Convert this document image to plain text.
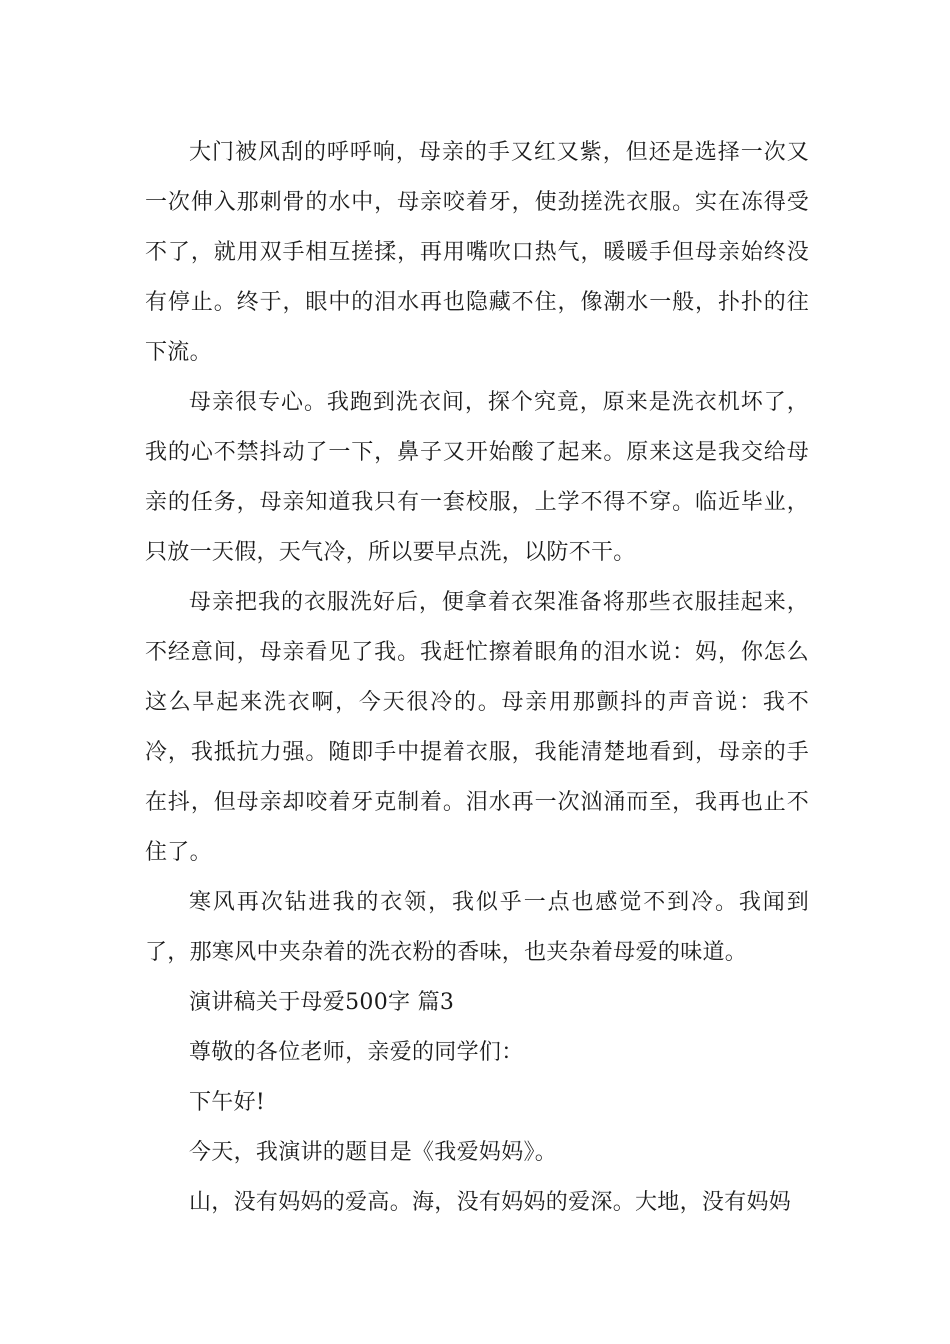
大门被风刮的呼呼响，母亲的手又红又紫，但还是选择一次又一次伸入那刺骨的水中，母亲咬着牙，使劲搓洗衣服。实在冻得受不了，就用双手相互搓揉，再用嘴吹口热气，暖暖手但母亲始终没有停止。终于，眼中的泪水再也隐藏不住，像潮水一般，扑扑的往下流。

母亲很专心。我跑到洗衣间，探个究竟，原来是洗衣机坏了，我的心不禁抖动了一下，鼻子又开始酸了起来。原来这是我交给母亲的任务，母亲知道我只有一套校服，上学不得不穿。临近毕业，只放一天假，天气冷，所以要早点洗，以防不干。

母亲把我的衣服洗好后，便拿着衣架准备将那些衣服挂起来，不经意间，母亲看见了我。我赶忙擦着眼角的泪水说：妈，你怎么这么早起来洗衣啊，今天很冷的。母亲用那颤抖的声音说：我不冷，我抵抗力强。随即手中提着衣服，我能清楚地看到，母亲的手在抖，但母亲却咬着牙克制着。泪水再一次汹涌而至，我再也止不住了。

寒风再次钻进我的衣领，我似乎一点也感觉不到冷。我闻到了，那寒风中夹杂着的洗衣粉的香味，也夹杂着母爱的味道。

演讲稿关于母爱500字 篇3

尊敬的各位老师，亲爱的同学们：

下午好!

今天，我演讲的题目是《我爱妈妈》。

山，没有妈妈的爱高。海，没有妈妈的爱深。大地，没有妈妈
